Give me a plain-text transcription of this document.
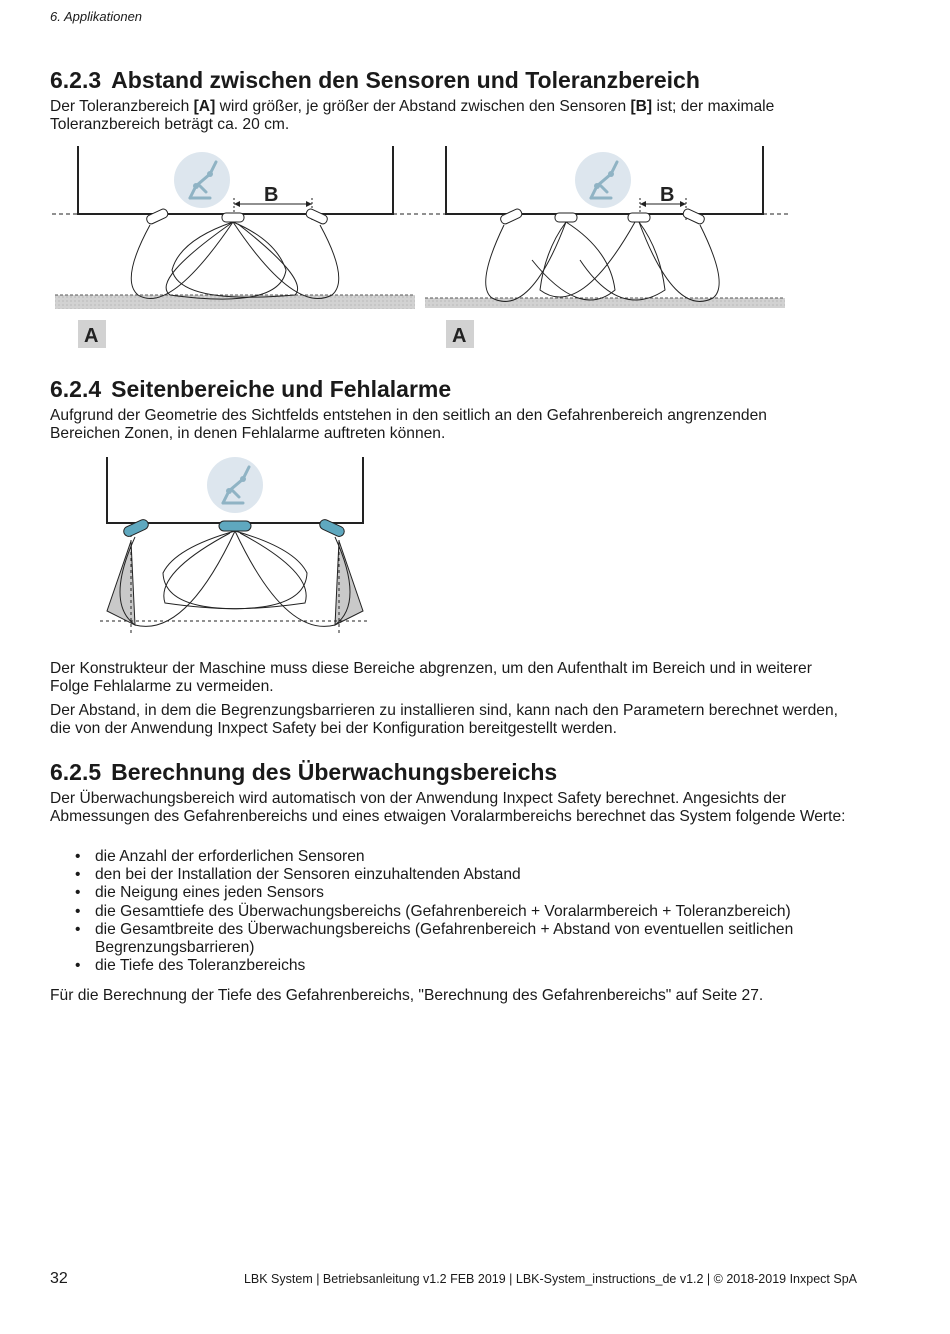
6. Applikationen
6.2.3 Abstand zwischen den Sensoren und Toleranzbereich

Der Toleranzbereich [A] wird größer, je größer der Abstand zwischen den Sensoren [B] ist; der maximale Toleranzbereich beträgt ca. 20 cm.

B
A
B
A
6.2.4 Seitenbereiche und Fehlalarme

Aufgrund der Geometrie des Sichtfelds entstehen in den seitlich an den Gefahrenbereich angrenzenden Bereichen Zonen, in denen Fehlalarme auftreten können.

Der Konstrukteur der Maschine muss diese Bereiche abgrenzen, um den Aufenthalt im Bereich und in weiterer Folge Fehlalarme zu vermeiden.

Der Abstand, in dem die Begrenzungsbarrieren zu installieren sind, kann nach den Parametern berechnet werden, die von der Anwendung Inxpect Safety bei der Konfiguration bereitgestellt werden.

6.2.5 Berechnung des Überwachungsbereichs

Der Überwachungsbereich wird automatisch von der Anwendung Inxpect Safety berechnet. Angesichts der Abmessungen des Gefahrenbereichs und eines etwaigen Voralarmbereichs berechnet das System folgende Werte:

• die Anzahl der erforderlichen Sensoren
• den bei der Installation der Sensoren einzuhaltenden Abstand
• die Neigung eines jeden Sensors
• die Gesamttiefe des Überwachungsbereichs (Gefahrenbereich + Voralarmbereich + Toleranzbereich)
• die Gesamtbreite des Überwachungsbereichs (Gefahrenbereich + Abstand von eventuellen seitlichen Begrenzungsbarrieren)
• die Tiefe des Toleranzbereichs

Für die Berechnung der Tiefe des Gefahrenbereichs, "Berechnung des Gefahrenbereichs" auf Seite 27.

32	LBK System | Betriebsanleitung v1.2 FEB 2019 | LBK-System_instructions_de v1.2 | © 2018-2019 Inxpect SpA
